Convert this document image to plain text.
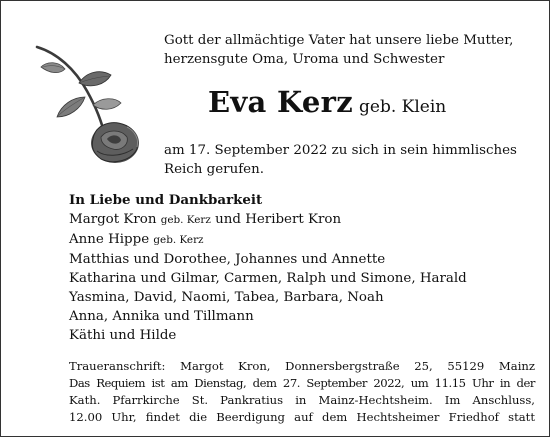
Gott der allmächtige Vater hat unsere liebe Mutter,
herzensgute Oma, Uroma und Schwester
Eva Kerz geb. Klein
am 17. September 2022 zu sich in sein himmlisches
Reich gerufen.
In Liebe und Dankbarkeit
Margot Kron geb. Kerz und Heribert Kron
Anne Hippe geb. Kerz
Matthias und Dorothee, Johannes und Annette
Katharina und Gilmar, Carmen, Ralph und Simone, Harald
Yasmina, David, Naomi, Tabea, Barbara, Noah
Anna, Annika und Tillmann
Käthi und Hilde
Traueranschrift: Margot Kron, Donnersbergstraße 25, 55129 Mainz
Das Requiem ist am Dienstag, dem 27. September 2022, um 11.15 Uhr in der
Kath. Pfarrkirche St. Pankratius in Mainz-Hechtsheim. Im Anschluss,
12.00 Uhr, findet die Beerdigung auf dem Hechtsheimer Friedhof statt
